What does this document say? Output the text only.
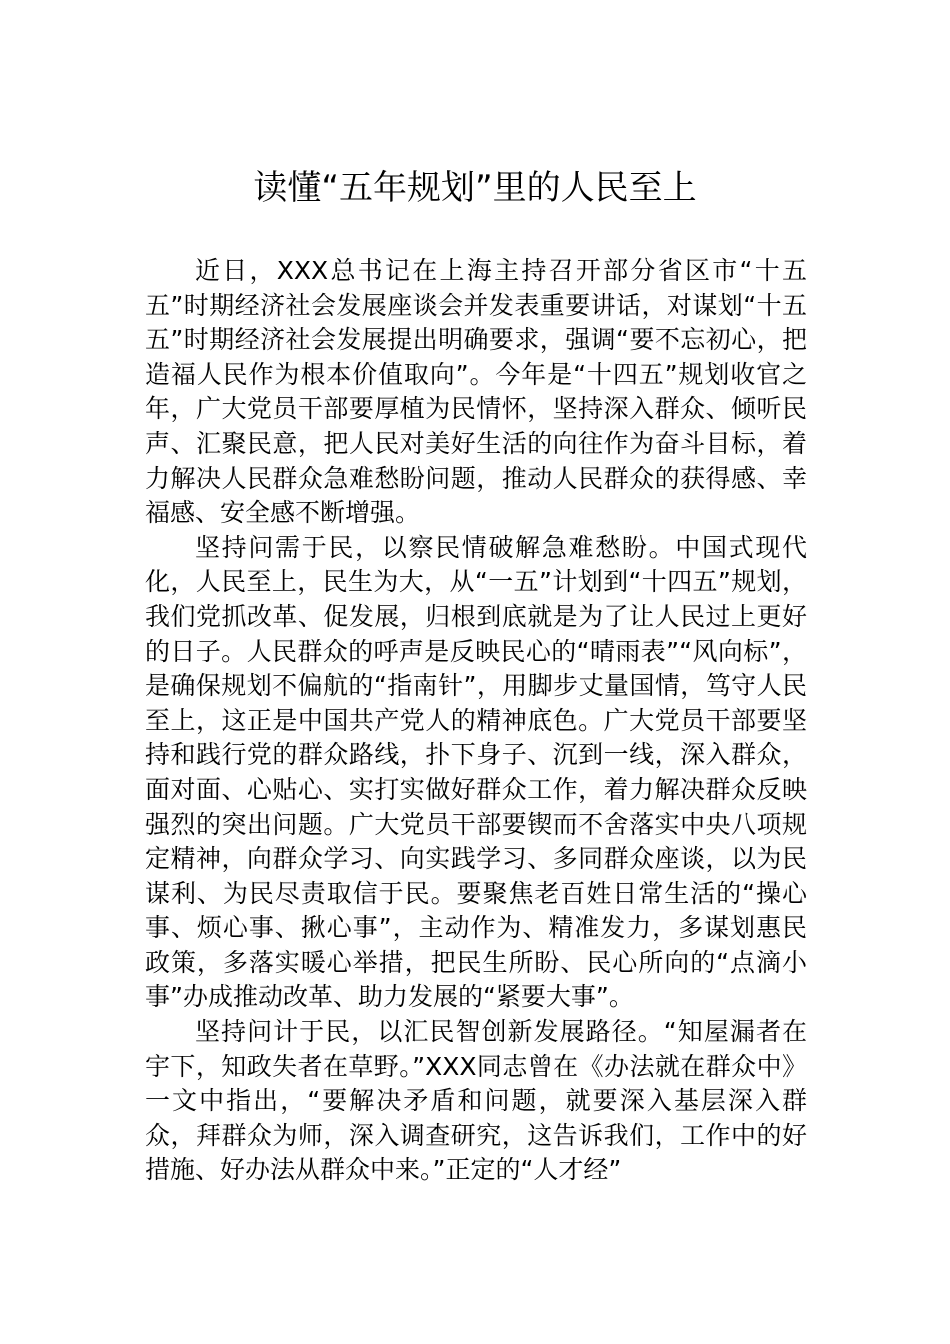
读懂“五年规划”里的人民至上

近日，XXX总书记在上海主持召开部分省区市“十五五”时期经济社会发展座谈会并发表重要讲话，对谋划“十五五”时期经济社会发展提出明确要求，强调“要不忘初心，把造福人民作为根本价值取向”。今年是“十四五”规划收官之年，广大党员干部要厚植为民情怀，坚持深入群众、倾听民声、汇聚民意，把人民对美好生活的向往作为奋斗目标，着力解决人民群众急难愁盼问题，推动人民群众的获得感、幸福感、安全感不断增强。

坚持问需于民，以察民情破解急难愁盼。中国式现代化，人民至上，民生为大，从“一五”计划到“十四五”规划，我们党抓改革、促发展，归根到底就是为了让人民过上更好的日子。人民群众的呼声是反映民心的“晴雨表”“风向标”，是确保规划不偏航的“指南针”，用脚步丈量国情，笃守人民至上，这正是中国共产党人的精神底色。广大党员干部要坚持和践行党的群众路线，扑下身子、沉到一线，深入群众，面对面、心贴心、实打实做好群众工作，着力解决群众反映强烈的突出问题。广大党员干部要锲而不舍落实中央八项规定精神，向群众学习、向实践学习、多同群众座谈，以为民谋利、为民尽责取信于民。要聚焦老百姓日常生活的“操心事、烦心事、揪心事”，主动作为、精准发力，多谋划惠民政策，多落实暖心举措，把民生所盼、民心所向的“点滴小事”办成推动改革、助力发展的“紧要大事”。

坚持问计于民，以汇民智创新发展路径。“知屋漏者在宇下，知政失者在草野。”XXX同志曾在《办法就在群众中》一文中指出，“要解决矛盾和问题，就要深入基层深入群众，拜群众为师，深入调查研究，这告诉我们，工作中的好措施、好办法从群众中来。”正定的“人才经”
